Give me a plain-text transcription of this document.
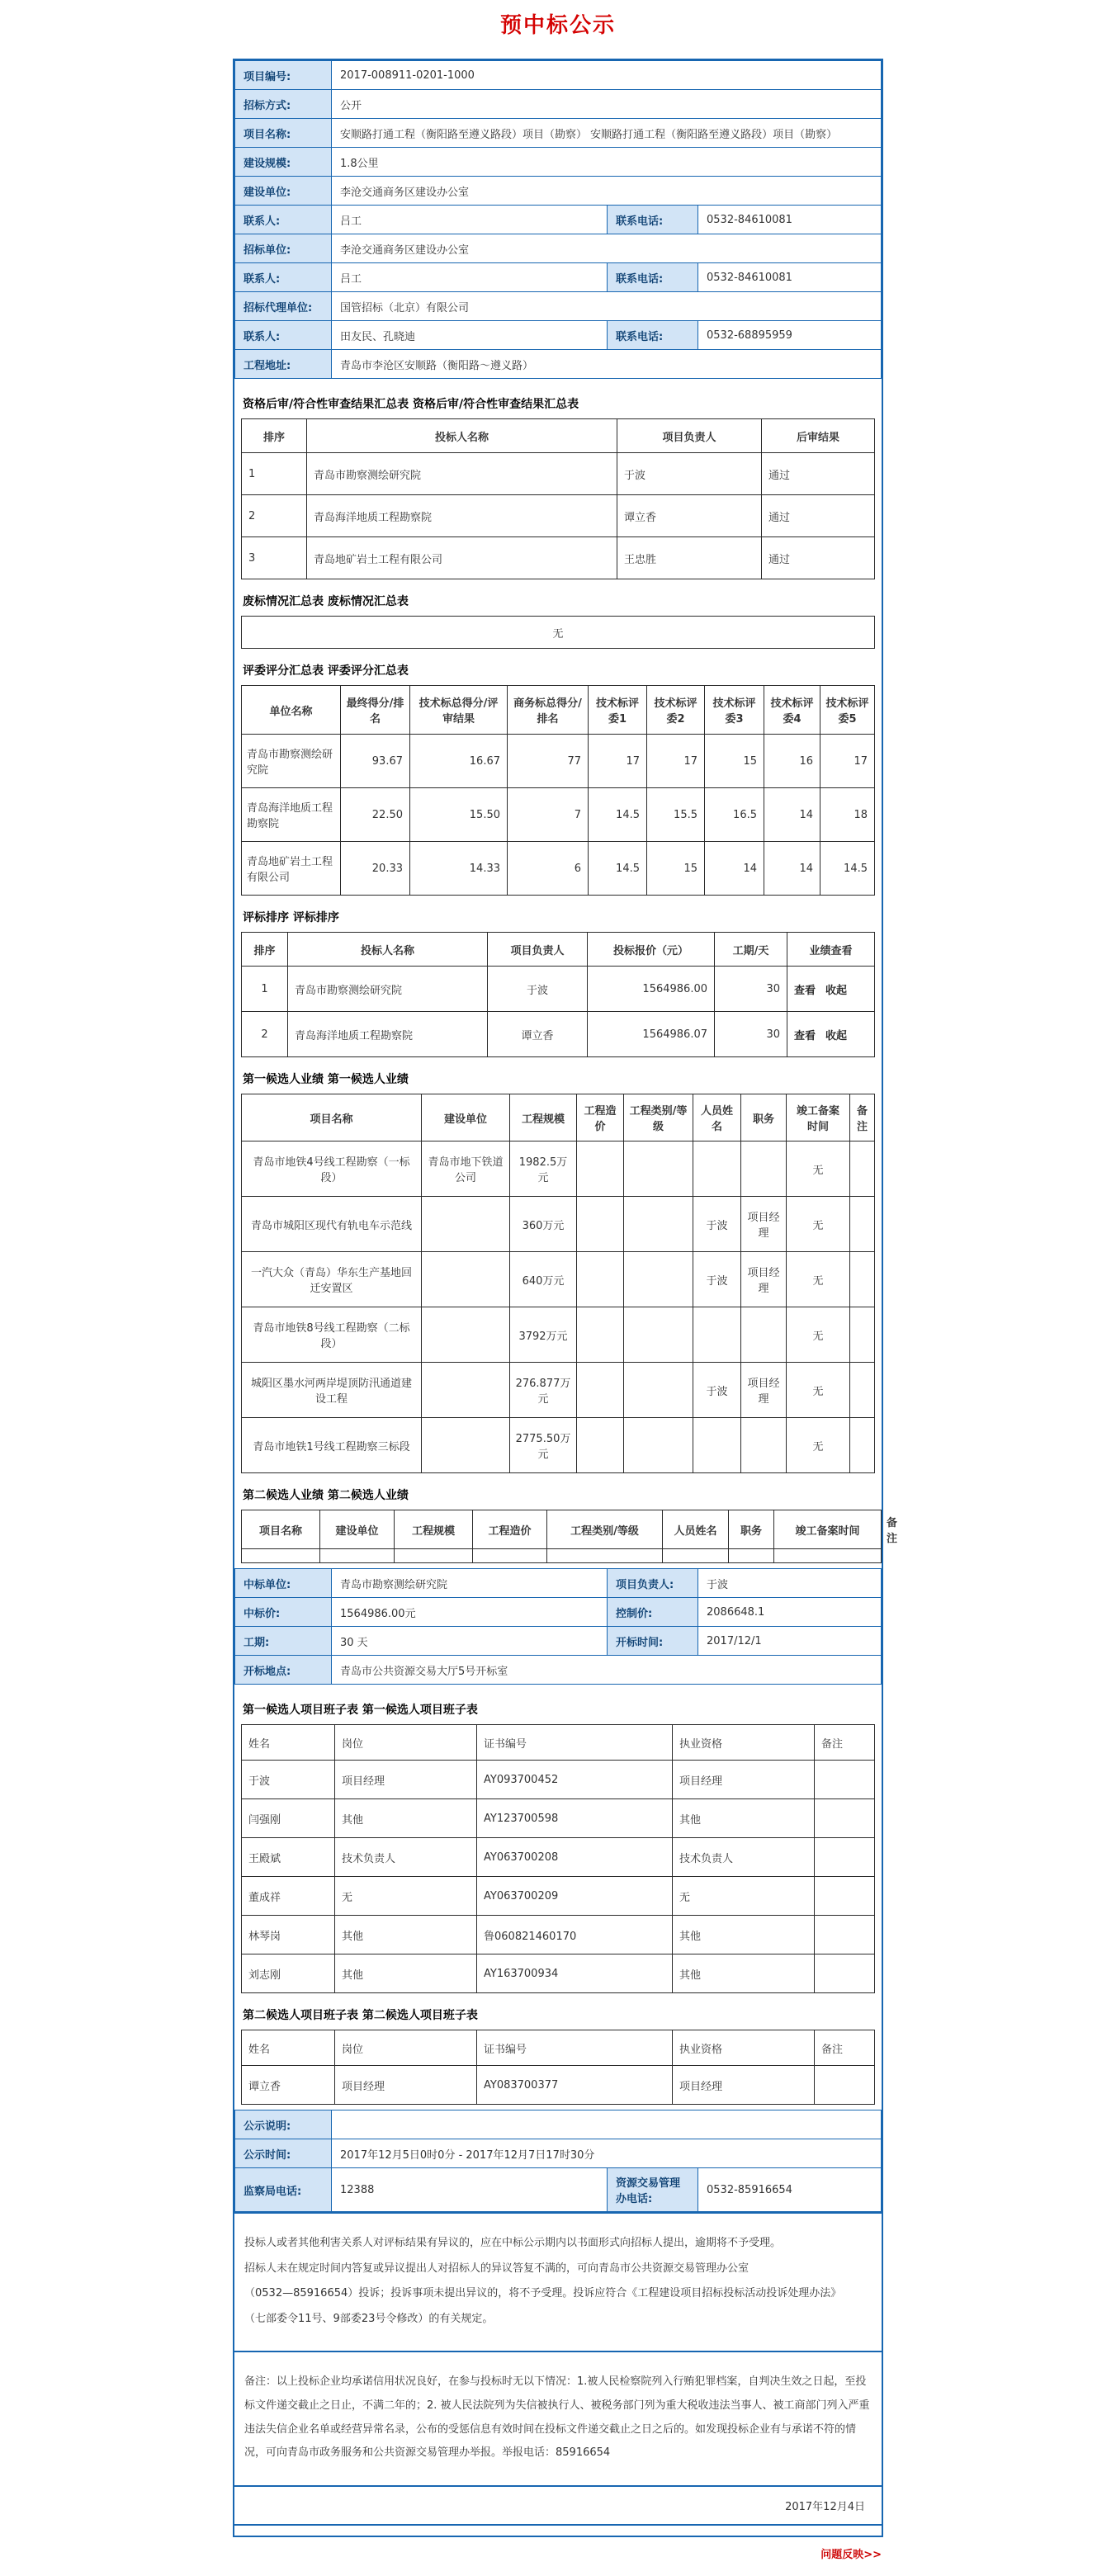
预中标公示
项目编号:	2017-008911-0201-1000		
招标方式:	公开		
项目名称:	安顺路打通工程（衡阳路至遵义路段）项目（勘察） 安顺路打通工程（衡阳路至遵义路段）项目（勘察）		
建设规模:	1.8公里		
建设单位:	李沧交通商务区建设办公室		
联系人:	吕工	联系电话:	0532-84610081
招标单位:	李沧交通商务区建设办公室		
联系人:	吕工	联系电话:	0532-84610081
招标代理单位:	国管招标（北京）有限公司		
联系人:	田友民、孔晓迪	联系电话:	0532-68895959
工程地址:	青岛市李沧区安顺路（衡阳路～遵义路）		
资格后审/符合性审查结果汇总表 资格后审/符合性审查结果汇总表
排序	投标人名称	项目负责人	后审结果
1	青岛市勘察测绘研究院	于波	通过
2	青岛海洋地质工程勘察院	谭立香	通过
3	青岛地矿岩土工程有限公司	王忠胜	通过
废标情况汇总表 废标情况汇总表
无
评委评分汇总表 评委评分汇总表
单位名称	最终得分/排名	技术标总得分/评审结果	商务标总得分/排名	技术标评委1	技术标评委2	技术标评委3	技术标评委4	技术标评委5
青岛市勘察测绘研究院	93.67	16.67	77	17	17	15	16	17
青岛海洋地质工程勘察院	22.50	15.50	7	14.5	15.5	16.5	14	18
青岛地矿岩土工程有限公司	20.33	14.33	6	14.5	15	14	14	14.5
评标排序 评标排序
排序	投标人名称	项目负责人	投标报价（元）	工期/天	业绩查看
1	青岛市勘察测绘研究院	于波	1564986.00	30	查看 收起
2	青岛海洋地质工程勘察院	谭立香	1564986.07	30	查看 收起
第一候选人业绩 第一候选人业绩
项目名称	建设单位	工程规模	工程造价	工程类别/等级	人员姓名	职务	竣工备案时间	备注
青岛市地铁4号线工程勘察（一标段）	青岛市地下铁道公司	1982.5万元					无	
青岛市城阳区现代有轨电车示范线		360万元			于波	项目经理	无	
一汽大众（青岛）华东生产基地回迁安置区		640万元			于波	项目经理	无	
青岛市地铁8号线工程勘察（二标段）		3792万元					无	
城阳区墨水河两岸堤顶防汛通道建设工程		276.877万元			于波	项目经理	无	
青岛市地铁1号线工程勘察三标段		2775.50万元					无	
第二候选人业绩 第二候选人业绩
项目名称	建设单位	工程规模	工程造价	工程类别/等级	人员姓名	职务	竣工备案时间	备注

中标单位:	青岛市勘察测绘研究院	项目负责人:	于波
中标价:	1564986.00元	控制价:	2086648.1
工期:	30 天	开标时间:	2017/12/1
开标地点:	青岛市公共资源交易大厅5号开标室		
第一候选人项目班子表 第一候选人项目班子表
姓名	岗位	证书编号	执业资格	备注
于波	项目经理	AY093700452	项目经理	
闫强刚	其他	AY123700598	其他	
王殿斌	技术负责人	AY063700208	技术负责人	
董成祥	无	AY063700209	无	
林琴岗	其他	鲁060821460170	其他	
刘志刚	其他	AY163700934	其他	
第二候选人项目班子表 第二候选人项目班子表
姓名	岗位	证书编号	执业资格	备注
谭立香	项目经理	AY083700377	项目经理	
公示说明:			
公示时间:	2017年12月5日0时0分 - 2017年12月7日17时30分		
监察局电话:	12388	资源交易管理办电话:	0532-85916654
投标人或者其他利害关系人对评标结果有异议的，应在中标公示期内以书面形式向招标人提出，逾期将不予受理。
招标人未在规定时间内答复或异议提出人对招标人的异议答复不满的，可向青岛市公共资源交易管理办公室
（0532—85916654）投诉；投诉事项未提出异议的，将不予受理。投诉应符合《工程建设项目招标投标活动投诉处理办法》
（七部委令11号、9部委23号令修改）的有关规定。
备注：以上投标企业均承诺信用状况良好，在参与投标时无以下情况：1.被人民检察院列入行贿犯罪档案，自判决生效之日起，至投标文件递交截止之日止，不满二年的；2. 被人民法院列为失信被执行人、被税务部门列为重大税收违法当事人、被工商部门列入严重违法失信企业名单或经营异常名录，公布的受惩信息有效时间在投标文件递交截止之日之后的。如发现投标企业有与承诺不符的情况，可向青岛市政务服务和公共资源交易管理办举报。举报电话：85916654
2017年12月4日
问题反映>>
